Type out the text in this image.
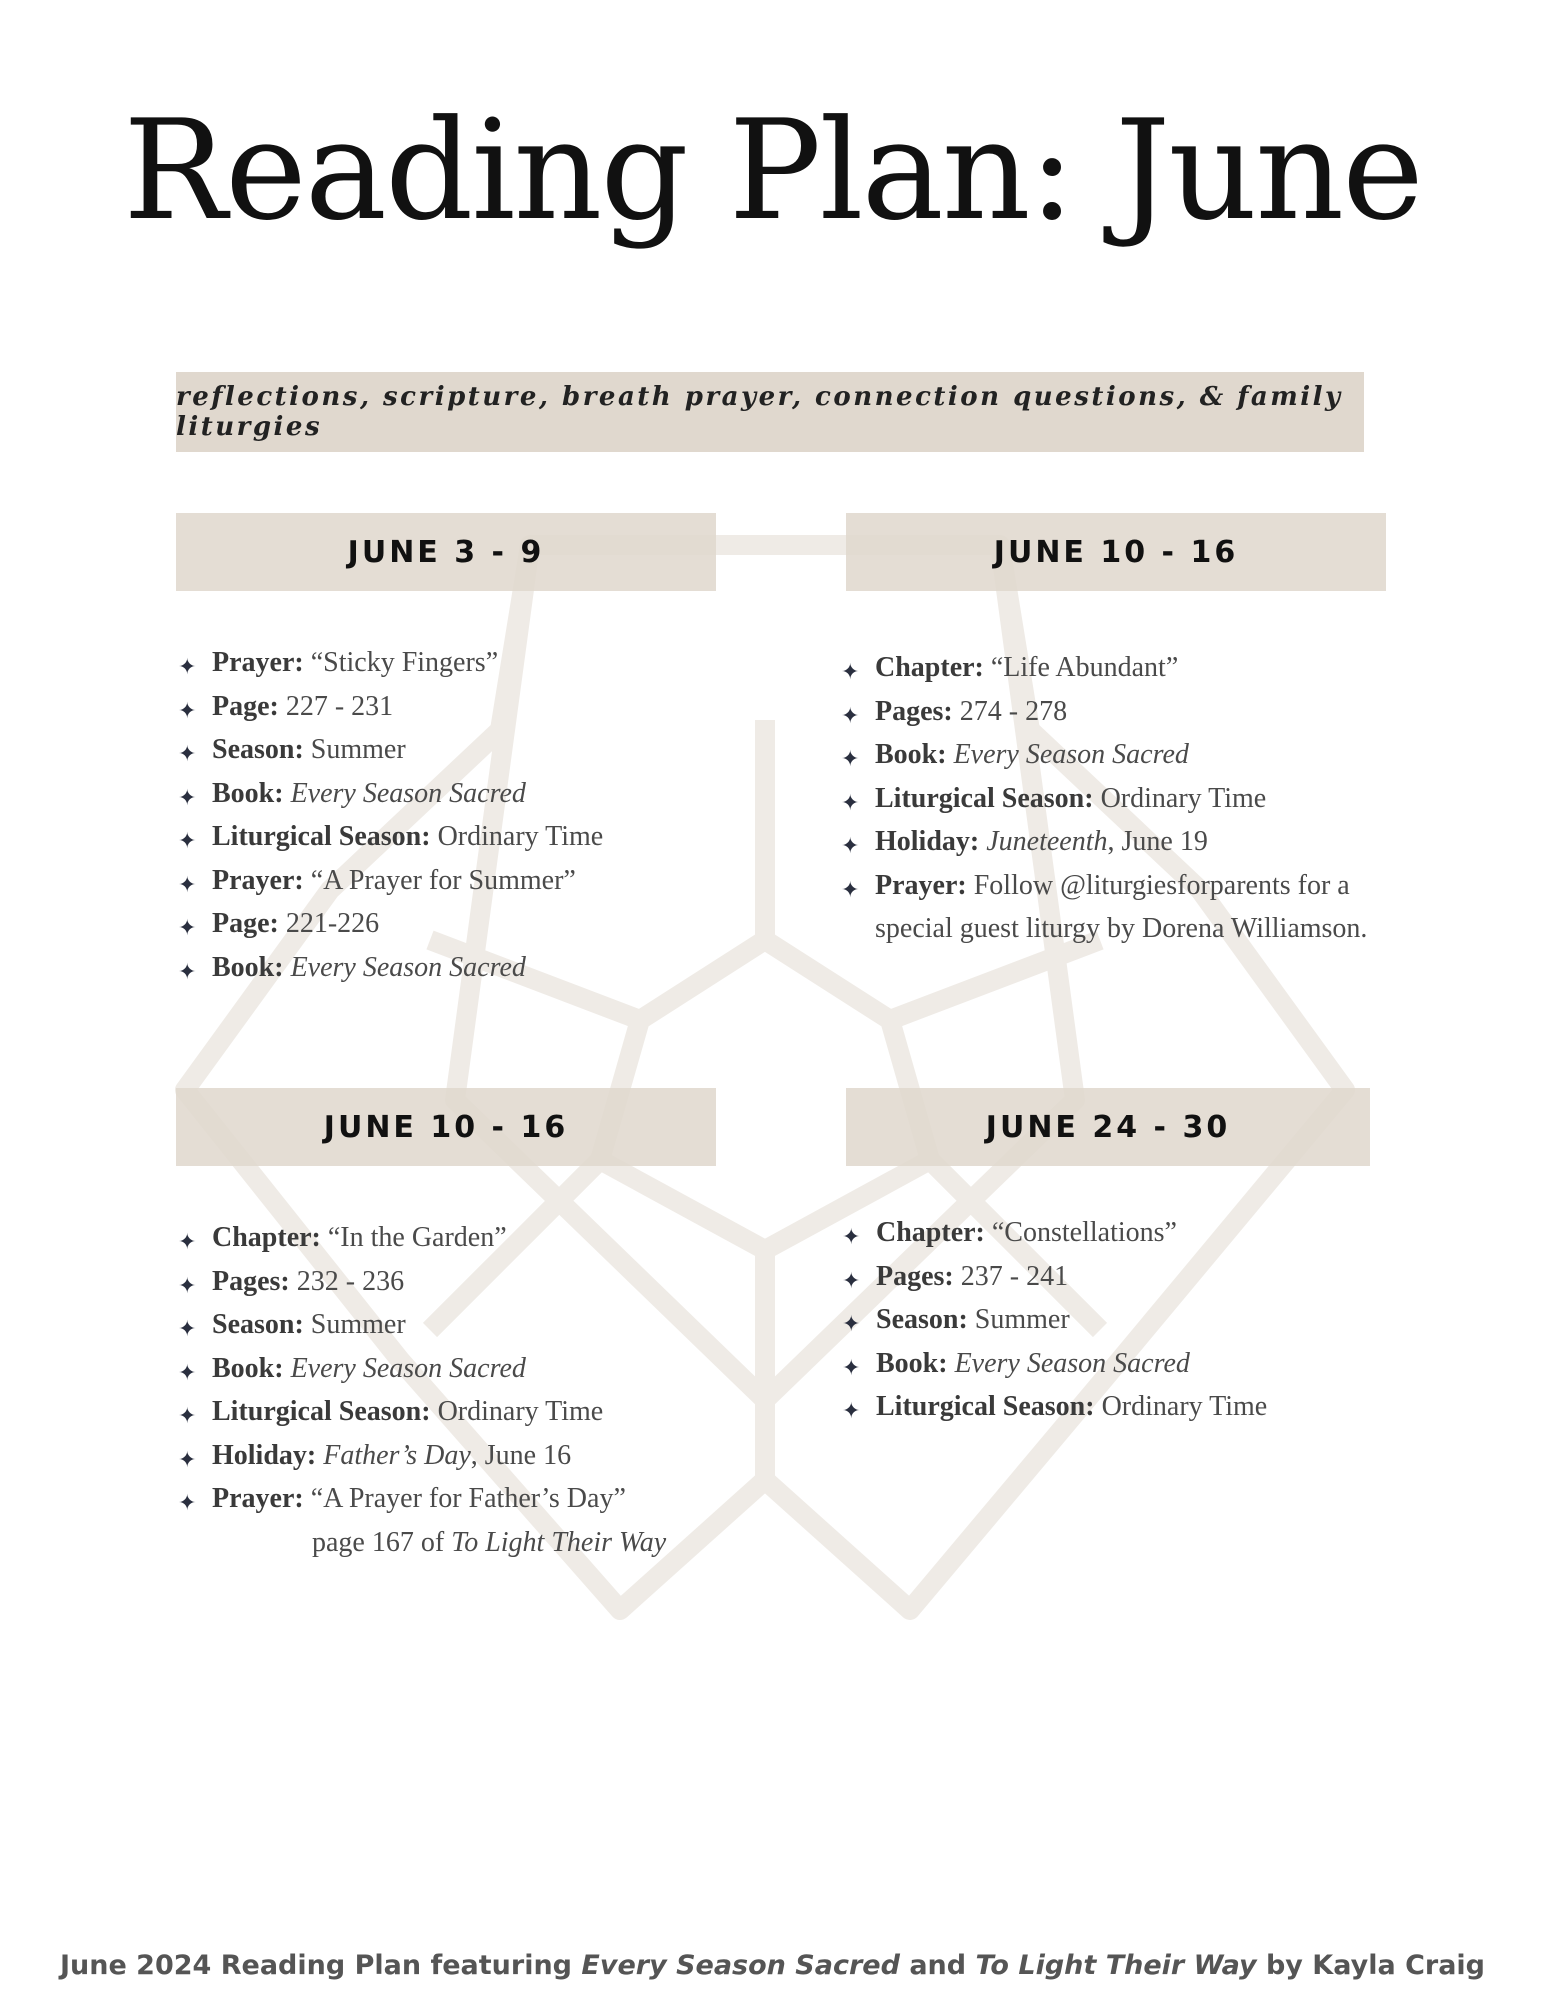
Reading Plan: June
reflections, scripture, breath prayer, connection questions, & family liturgies
JUNE 3 - 9
✦ Prayer: “Sticky Fingers”
✦ Page: 227 - 231
✦ Season: Summer
✦ Book: Every Season Sacred
✦ Liturgical Season: Ordinary Time
✦ Prayer: “A Prayer for Summer”
✦ Page: 221-226
✦ Book: Every Season Sacred
JUNE 10 - 16
✦ Chapter: “Life Abundant”
✦ Pages: 274 - 278
✦ Book: Every Season Sacred
✦ Liturgical Season: Ordinary Time
✦ Holiday: Juneteenth, June 19
✦ Prayer: Follow @liturgiesforparents for a
special guest liturgy by Dorena Williamson.
JUNE 10 - 16
✦ Chapter: “In the Garden”
✦ Pages: 232 - 236
✦ Season: Summer
✦ Book: Every Season Sacred
✦ Liturgical Season: Ordinary Time
✦ Holiday: Father’s Day, June 16
✦ Prayer: “A Prayer for Father’s Day”
page 167 of To Light Their Way
JUNE 24 - 30
✦ Chapter: “Constellations”
✦ Pages: 237 - 241
✦ Season: Summer
✦ Book: Every Season Sacred
✦ Liturgical Season: Ordinary Time
June 2024 Reading Plan featuring Every Season Sacred and To Light Their Way by Kayla Craig
